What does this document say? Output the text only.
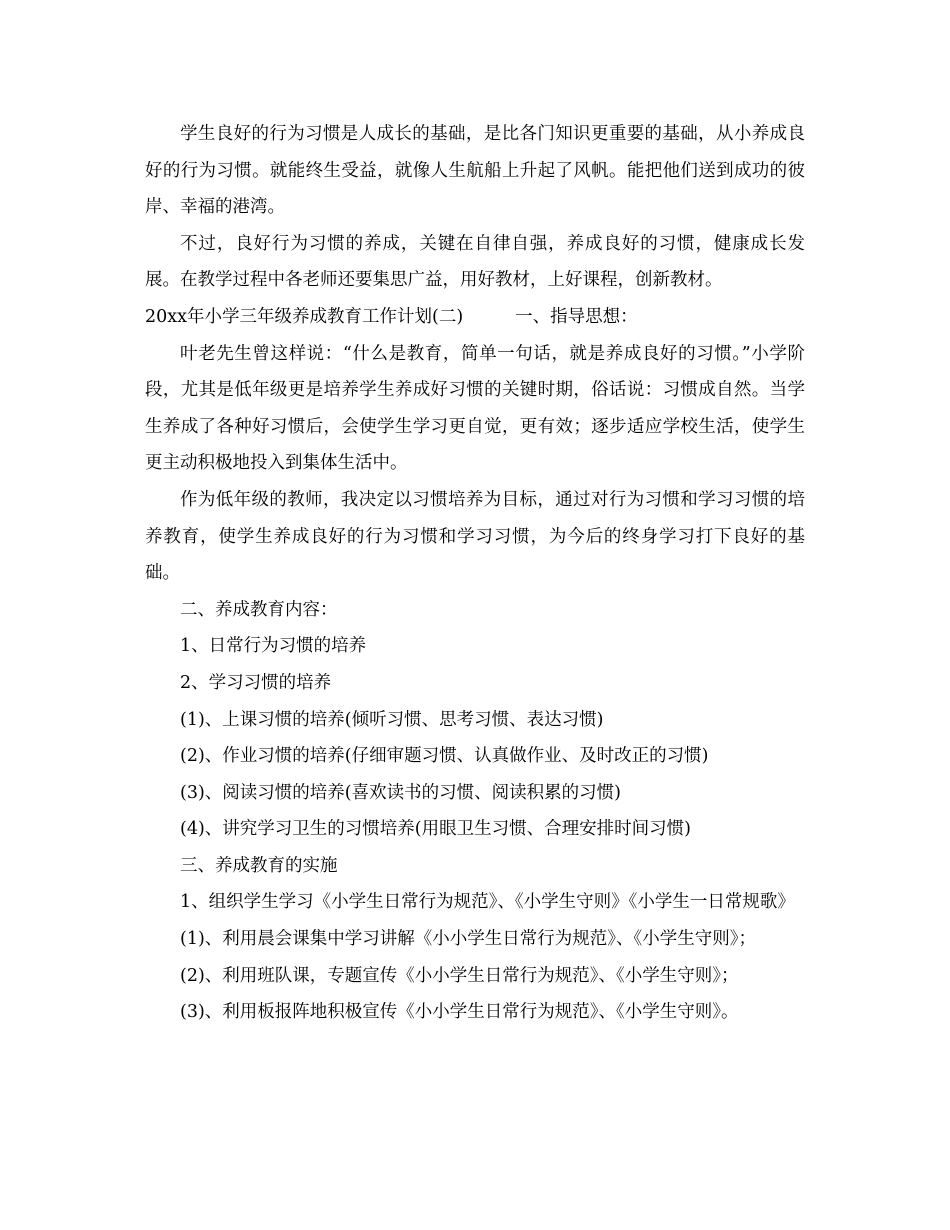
学生良好的行为习惯是人成长的基础，是比各门知识更重要的基础，从小养成良好的行为习惯。就能终生受益，就像人生航船上升起了风帆。能把他们送到成功的彼岸、幸福的港湾。

不过，良好行为习惯的养成，关键在自律自强，养成良好的习惯，健康成长发展。在教学过程中各老师还要集思广益，用好教材，上好课程，创新教材。

20xx年小学三年级养成教育工作计划(二)	一、指导思想：

叶老先生曾这样说：“什么是教育，简单一句话，就是养成良好的习惯。”小学阶段，尤其是低年级更是培养学生养成好习惯的关键时期，俗话说：习惯成自然。当学生养成了各种好习惯后，会使学生学习更自觉，更有效；逐步适应学校生活，使学生更主动积极地投入到集体生活中。

作为低年级的教师，我决定以习惯培养为目标，通过对行为习惯和学习习惯的培养教育，使学生养成良好的行为习惯和学习习惯，为今后的终身学习打下良好的基础。

二、养成教育内容：

1、日常行为习惯的培养

2、学习习惯的培养

(1)、上课习惯的培养(倾听习惯、思考习惯、表达习惯)

(2)、作业习惯的培养(仔细审题习惯、认真做作业、及时改正的习惯)

(3)、阅读习惯的培养(喜欢读书的习惯、阅读积累的习惯)

(4)、讲究学习卫生的习惯培养(用眼卫生习惯、合理安排时间习惯)

三、养成教育的实施

1、组织学生学习《小学生日常行为规范》、《小学生守则》《小学生一日常规歌》

(1)、利用晨会课集中学习讲解《小小学生日常行为规范》、《小学生守则》；

(2)、利用班队课，专题宣传《小小学生日常行为规范》、《小学生守则》；

(3)、利用板报阵地积极宣传《小小学生日常行为规范》、《小学生守则》。
